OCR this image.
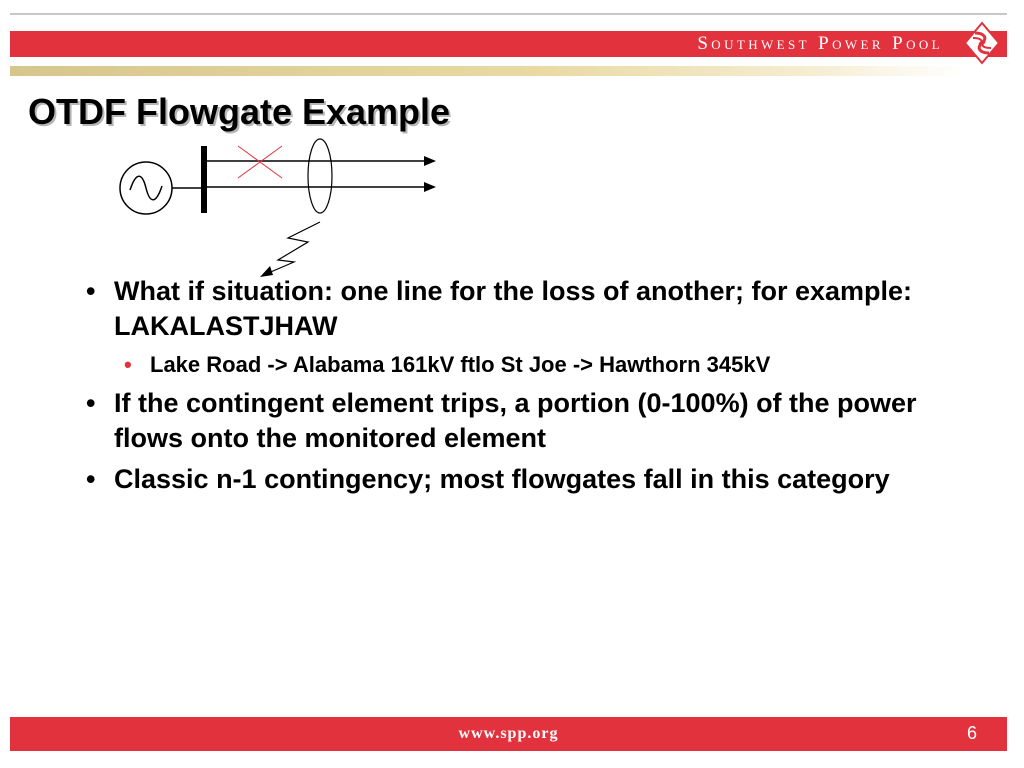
Southwest Power Pool
OTDF Flowgate Example
• What if situation: one line for the loss of another; for example: LAKALASTJHAW
• Lake Road -> Alabama 161kV ftlo St Joe -> Hawthorn 345kV
• If the contingent element trips, a portion (0-100%) of the power flows onto the monitored element
• Classic n-1 contingency; most flowgates fall in this category
www.spp.org	6
